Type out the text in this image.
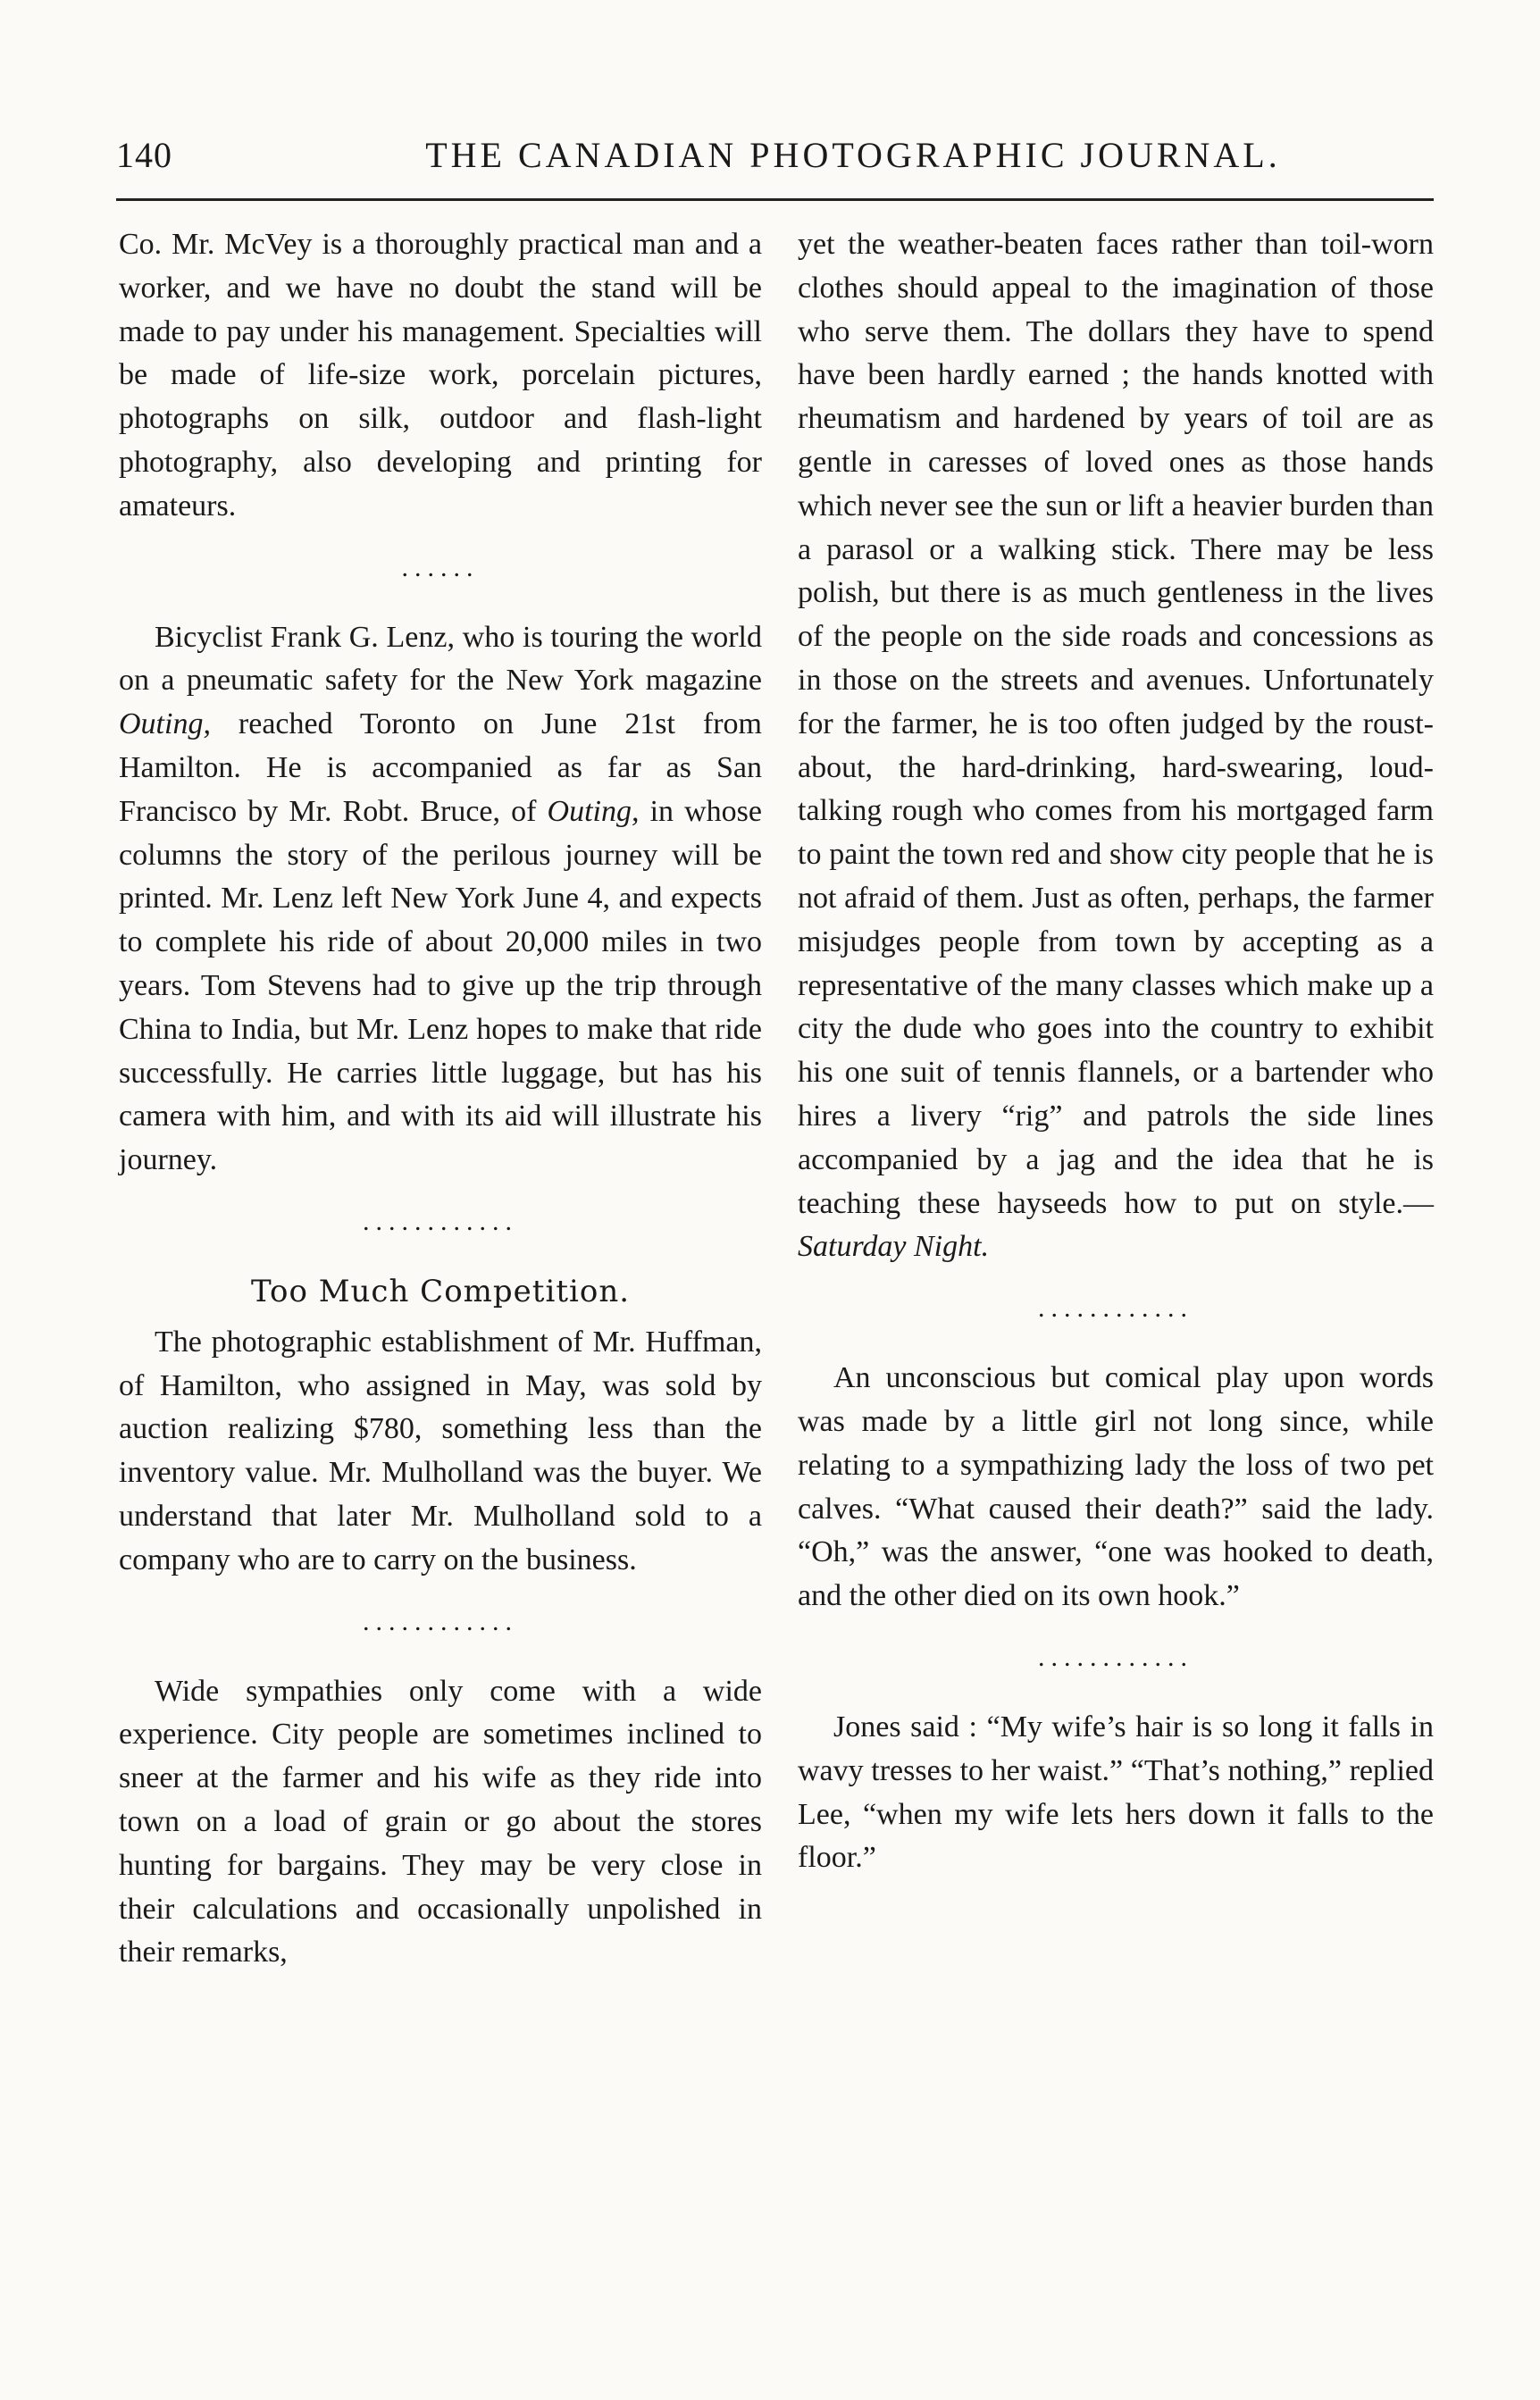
140	THE CANADIAN PHOTOGRAPHIC JOURNAL.

Co. Mr. McVey is a thoroughly practical man and a worker, and we have no doubt the stand will be made to pay under his management. Specialties will be made of life-size work, porcelain pictures, photographs on silk, outdoor and flash-light photography, also developing and printing for amateurs.

......

Bicyclist Frank G. Lenz, who is touring the world on a pneumatic safety for the New York magazine Outing, reached Toronto on June 21st from Hamilton. He is accompanied as far as San Francisco by Mr. Robt. Bruce, of Outing, in whose columns the story of the perilous journey will be printed. Mr. Lenz left New York June 4, and expects to complete his ride of about 20,000 miles in two years. Tom Stevens had to give up the trip through China to India, but Mr. Lenz hopes to make that ride successfully. He carries little luggage, but has his camera with him, and with its aid will illustrate his journey.

............
Too Much Competition.

The photographic establishment of Mr. Huffman, of Hamilton, who assigned in May, was sold by auction realizing $780, something less than the inventory value. Mr. Mulholland was the buyer. We understand that later Mr. Mulholland sold to a company who are to carry on the business.

............

Wide sympathies only come with a wide experience. City people are sometimes inclined to sneer at the farmer and his wife as they ride into town on a load of grain or go about the stores hunting for bargains. They may be very close in their calculations and occasionally unpolished in their remarks,

yet the weather-beaten faces rather than toil-worn clothes should appeal to the imagination of those who serve them. The dollars they have to spend have been hardly earned ; the hands knotted with rheumatism and hardened by years of toil are as gentle in caresses of loved ones as those hands which never see the sun or lift a heavier burden than a parasol or a walking stick. There may be less polish, but there is as much gentleness in the lives of the people on the side roads and concessions as in those on the streets and avenues. Unfortunately for the farmer, he is too often judged by the roust-about, the hard-drinking, hard-swearing, loud-talking rough who comes from his mortgaged farm to paint the town red and show city people that he is not afraid of them. Just as often, perhaps, the farmer misjudges people from town by accepting as a representative of the many classes which make up a city the dude who goes into the country to exhibit his one suit of tennis flannels, or a bartender who hires a livery “rig” and patrols the side lines accompanied by a jag and the idea that he is teaching these hayseeds how to put on style.— Saturday Night.

............

An unconscious but comical play upon words was made by a little girl not long since, while relating to a sympathizing lady the loss of two pet calves. “What caused their death?” said the lady. “Oh,” was the answer, “one was hooked to death, and the other died on its own hook.”

............

Jones said : “My wife’s hair is so long it falls in wavy tresses to her waist.” “That’s nothing,” replied Lee, “when my wife lets hers down it falls to the floor.”
